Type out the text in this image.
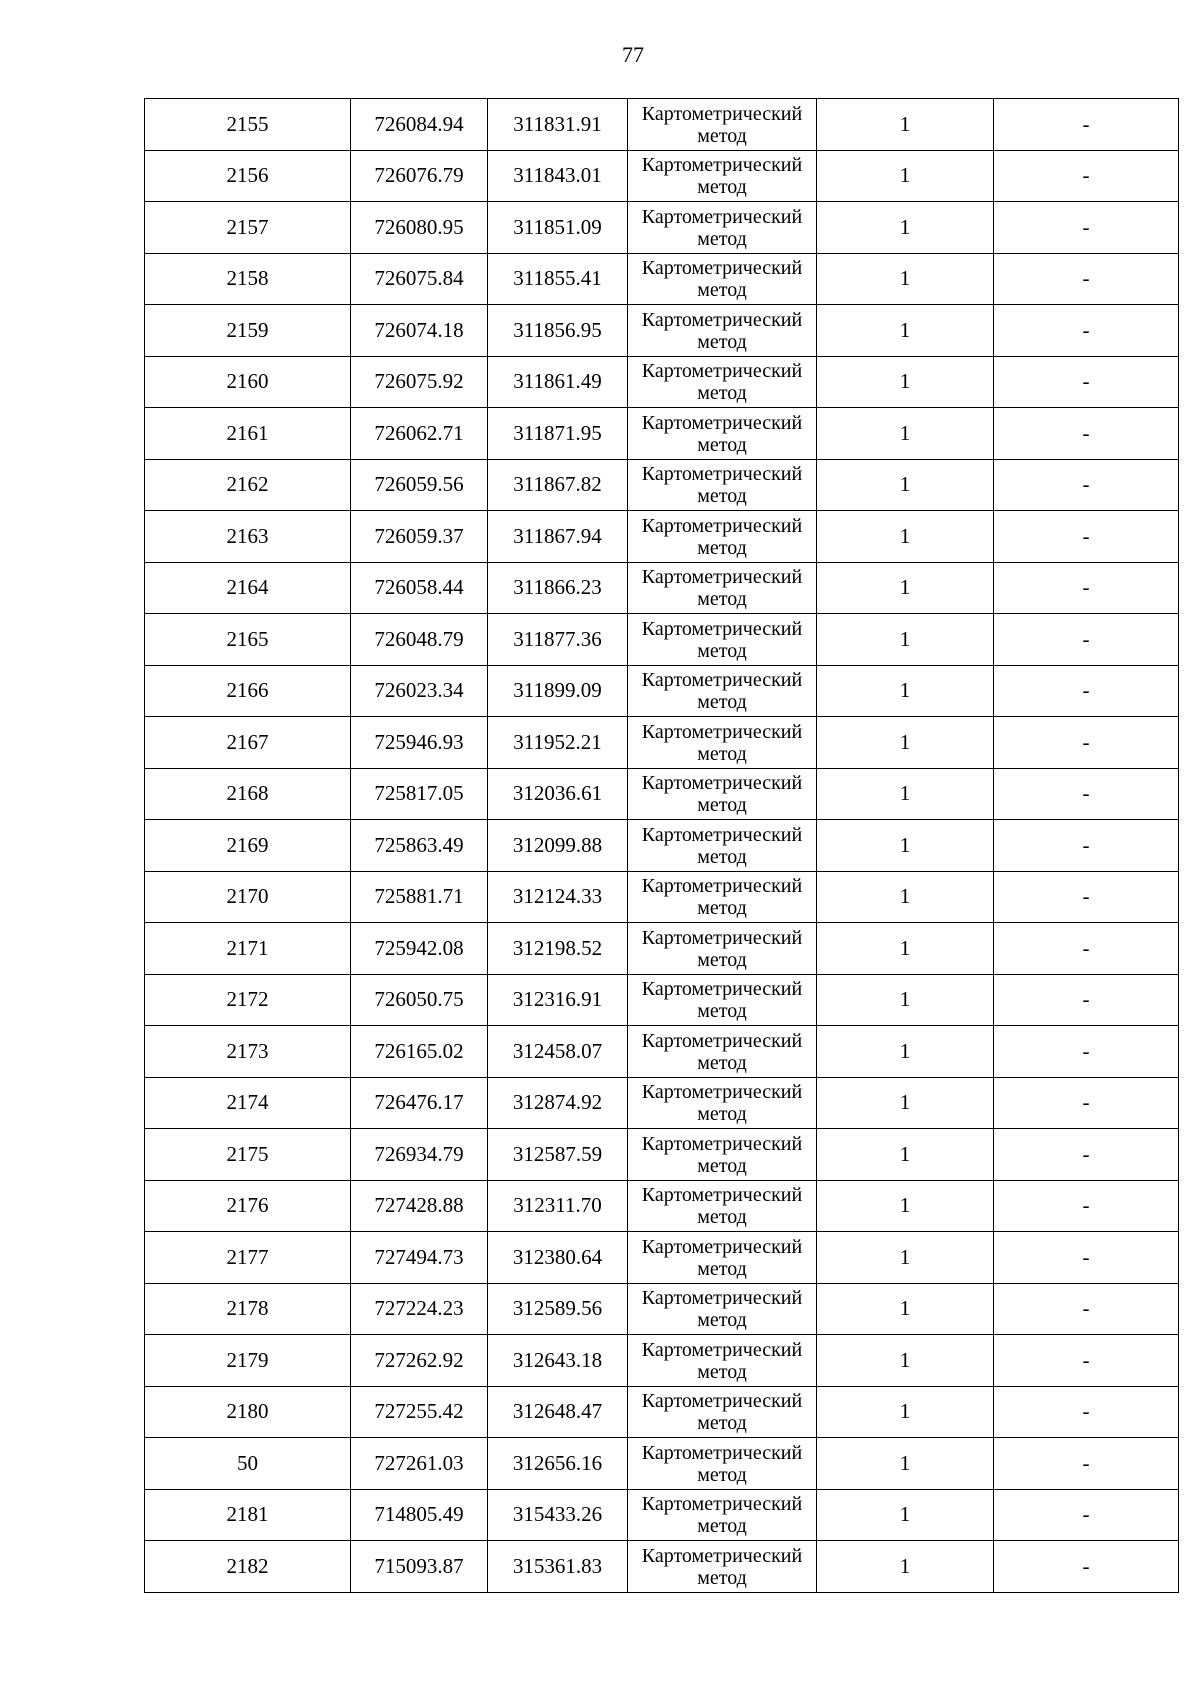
77
2155	726084.94	311831.91	Картометрический метод	1	-
2156	726076.79	311843.01	Картометрический метод	1	-
2157	726080.95	311851.09	Картометрический метод	1	-
2158	726075.84	311855.41	Картометрический метод	1	-
2159	726074.18	311856.95	Картометрический метод	1	-
2160	726075.92	311861.49	Картометрический метод	1	-
2161	726062.71	311871.95	Картометрический метод	1	-
2162	726059.56	311867.82	Картометрический метод	1	-
2163	726059.37	311867.94	Картометрический метод	1	-
2164	726058.44	311866.23	Картометрический метод	1	-
2165	726048.79	311877.36	Картометрический метод	1	-
2166	726023.34	311899.09	Картометрический метод	1	-
2167	725946.93	311952.21	Картометрический метод	1	-
2168	725817.05	312036.61	Картометрический метод	1	-
2169	725863.49	312099.88	Картометрический метод	1	-
2170	725881.71	312124.33	Картометрический метод	1	-
2171	725942.08	312198.52	Картометрический метод	1	-
2172	726050.75	312316.91	Картометрический метод	1	-
2173	726165.02	312458.07	Картометрический метод	1	-
2174	726476.17	312874.92	Картометрический метод	1	-
2175	726934.79	312587.59	Картометрический метод	1	-
2176	727428.88	312311.70	Картометрический метод	1	-
2177	727494.73	312380.64	Картометрический метод	1	-
2178	727224.23	312589.56	Картометрический метод	1	-
2179	727262.92	312643.18	Картометрический метод	1	-
2180	727255.42	312648.47	Картометрический метод	1	-
50	727261.03	312656.16	Картометрический метод	1	-
2181	714805.49	315433.26	Картометрический метод	1	-
2182	715093.87	315361.83	Картометрический метод	1	-
